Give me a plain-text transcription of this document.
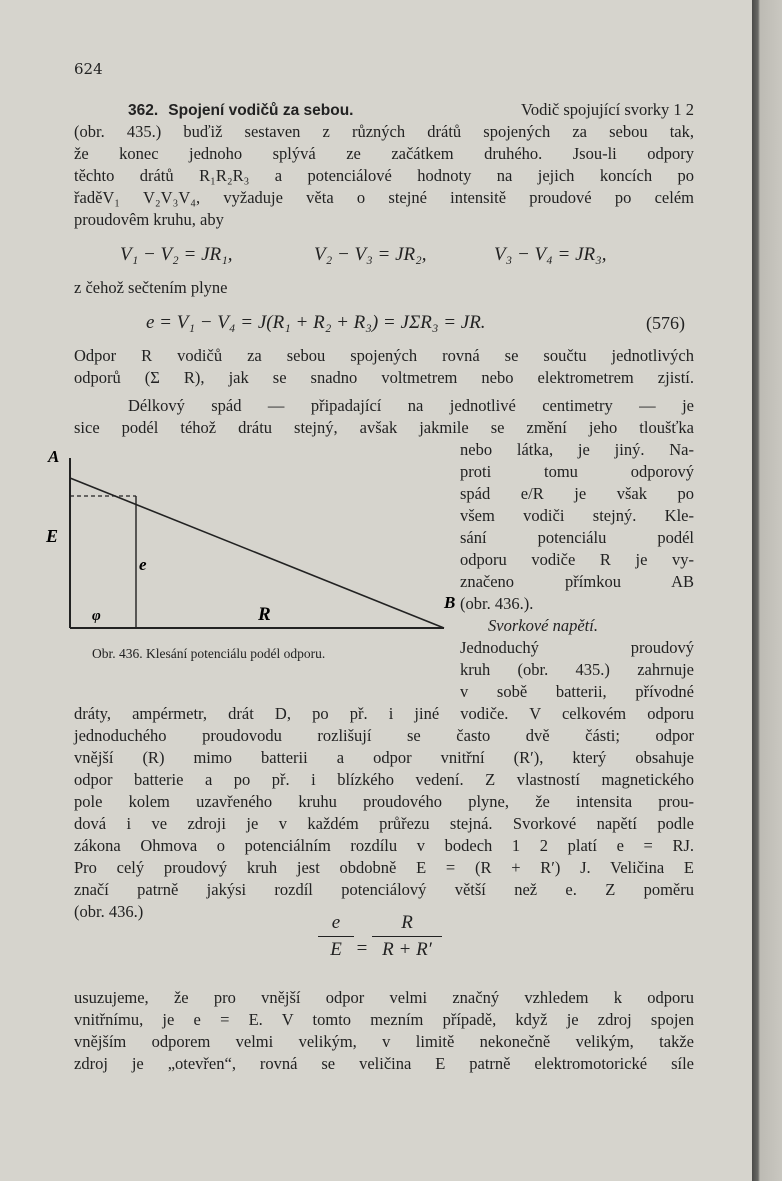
624
362. Spojení vodičů za sebou.	Vodič spojující svorky 1 2
(obr. 435.) buďiž sestaven z různých drátů spojených za sebou tak,
že konec jednoho splývá ze začátkem druhého. Jsou-li odpory
těchto drátů R₁R₂R₃ a potenciálové hodnoty na jejich koncích po
řaděV₁ V₂V₃V₄, vyžaduje věta o stejné intensitě proudové po celém
proudovêm kruhu, aby
V₁ − V₂ = JR₁,	V₂ − V₃ = JR₂,	V₃ − V₄ = JR₃,
z čehož sečtením plyne
e = V₁ − V₄ = J(R₁ + R₂ + R₃) = JΣR₃ = JR.	(576)
Odpor R vodičů za sebou spojených rovná se součtu jednotlivých
odporů (Σ R), jak se snadno voltmetrem nebo elektrometrem zjistí.
Délkový spád — připadající na jednotlivé centimetry — je
sice podél téhož drátu stejný, avšak jakmile se změní jeho tloušťka
nebo látka, je jiný. Na-
proti tomu odporový
spád e/R je však po
všem vodiči stejný. Kle-
sání potenciálu podél
odporu vodiče R je vy-
značeno přímkou AB
(obr. 436.).
Svorkové napětí.
Jednoduchý proudový
kruh (obr. 435.) zahrnuje
v sobě batterii, přívodné
A
E
e
φ	R
B
Obr. 436. Klesání potenciálu podél odporu.
dráty, ampérmetr, drát D, po př. i jiné vodiče. V celkovém odporu
jednoduchého proudovodu rozlišují se často dvě části; odpor
vnější (R) mimo batterii a odpor vnitřní (R′), který obsahuje
odpor batterie a po př. i blízkého vedení. Z vlastností magnetického
pole kolem uzavřeného kruhu proudového plyne, že intensita prou-
dová i ve zdroji je v každém průřezu stejná. Svorkové napětí podle
zákona Ohmova o potenciálním rozdílu v bodech 1 2 platí e = RJ.
Pro celý proudový kruh jest obdobně E = (R + R′) J. Veličina E
značí patrně jakýsi rozdíl potenciálový větší než e. Z poměru
(obr. 436.)
e
E =
R
R + R′
usuzujeme, že pro vnější odpor velmi značný vzhledem k odporu
vnitřnímu, je e = E. V tomto mezním případě, když je zdroj spojen
vnějším odporem velmi velikým, v limitě nekonečně velikým, takže
zdroj je „otevřen“, rovná se veličina E patrně elektromotorické síle
